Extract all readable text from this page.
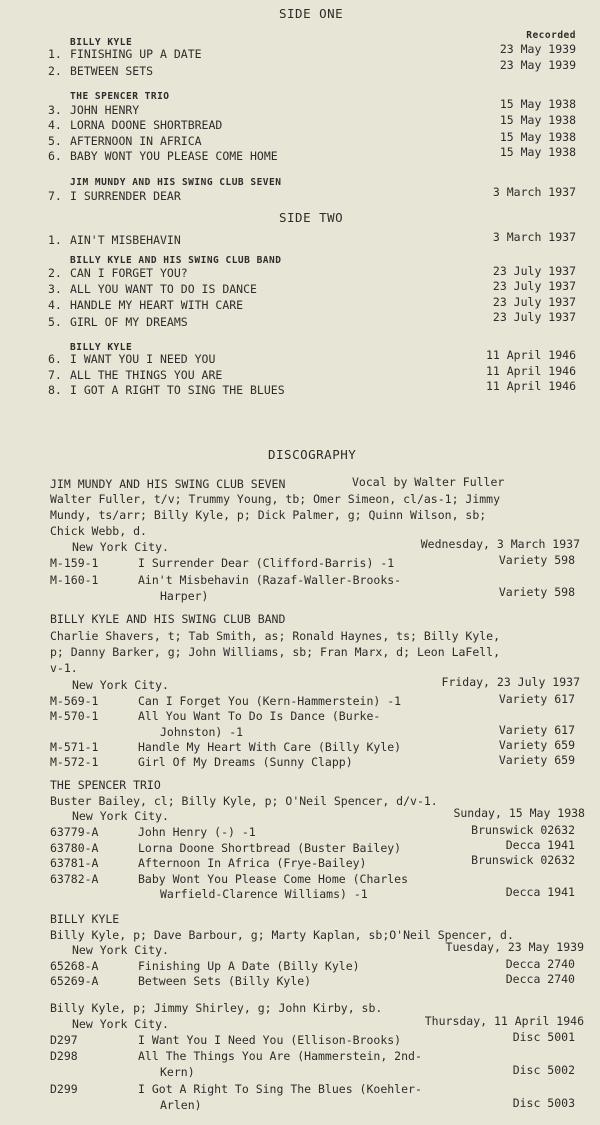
SIDE ONE
Recorded
BILLY KYLE
1. FINISHING UP A DATE	23 May 1939
2. BETWEEN SETS	23 May 1939
THE SPENCER TRIO
3. JOHN HENRY	15 May 1938
4. LORNA DOONE SHORTBREAD	15 May 1938
5. AFTERNOON IN AFRICA	15 May 1938
6. BABY WONT YOU PLEASE COME HOME	15 May 1938
JIM MUNDY AND HIS SWING CLUB SEVEN
7. I SURRENDER DEAR	3 March 1937
SIDE TWO
1. AIN'T MISBEHAVIN	3 March 1937
BILLY KYLE AND HIS SWING CLUB BAND
2. CAN I FORGET YOU?	23 July 1937
3. ALL YOU WANT TO DO IS DANCE	23 July 1937
4. HANDLE MY HEART WITH CARE	23 July 1937
5. GIRL OF MY DREAMS	23 July 1937
BILLY KYLE
6. I WANT YOU I NEED YOU	11 April 1946
7. ALL THE THINGS YOU ARE	11 April 1946
8. I GOT A RIGHT TO SING THE BLUES	11 April 1946
DISCOGRAPHY
JIM MUNDY AND HIS SWING CLUB SEVEN	Vocal by Walter Fuller
Walter Fuller, t/v; Trummy Young, tb; Omer Simeon, cl/as-1; Jimmy
Mundy, ts/arr; Billy Kyle, p; Dick Palmer, g; Quinn Wilson, sb;
Chick Webb, d.
New York City.	Wednesday, 3 March 1937
M-159-1	I Surrender Dear (Clifford-Barris) -1	Variety 598
M-160-1	Ain't Misbehavin (Razaf-Waller-Brooks-
Harper)	Variety 598
BILLY KYLE AND HIS SWING CLUB BAND
Charlie Shavers, t; Tab Smith, as; Ronald Haynes, ts; Billy Kyle,
p; Danny Barker, g; John Williams, sb; Fran Marx, d; Leon LaFell,
v-1.
New York City.	Friday, 23 July 1937
M-569-1	Can I Forget You (Kern-Hammerstein) -1	Variety 617
M-570-1	All You Want To Do Is Dance (Burke-
Johnston) -1	Variety 617
M-571-1	Handle My Heart With Care (Billy Kyle)	Variety 659
M-572-1	Girl Of My Dreams (Sunny Clapp)	Variety 659
THE SPENCER TRIO
Buster Bailey, cl; Billy Kyle, p; O'Neil Spencer, d/v-1.
New York City.	Sunday, 15 May 1938
63779-A	John Henry (-) -1	Brunswick 02632
63780-A	Lorna Doone Shortbread (Buster Bailey)	Decca 1941
63781-A	Afternoon In Africa (Frye-Bailey)	Brunswick 02632
63782-A	Baby Wont You Please Come Home (Charles
Warfield-Clarence Williams) -1	Decca 1941
BILLY KYLE
Billy Kyle, p; Dave Barbour, g; Marty Kaplan, sb;O'Neil Spencer, d.
New York City.	Tuesday, 23 May 1939
65268-A	Finishing Up A Date (Billy Kyle)	Decca 2740
65269-A	Between Sets (Billy Kyle)	Decca 2740
Billy Kyle, p; Jimmy Shirley, g; John Kirby, sb.
New York City.	Thursday, 11 April 1946
D297	I Want You I Need You (Ellison-Brooks)	Disc 5001
D298	All The Things You Are (Hammerstein, 2nd-
Kern)	Disc 5002
D299	I Got A Right To Sing The Blues (Koehler-
Arlen)	Disc 5003
